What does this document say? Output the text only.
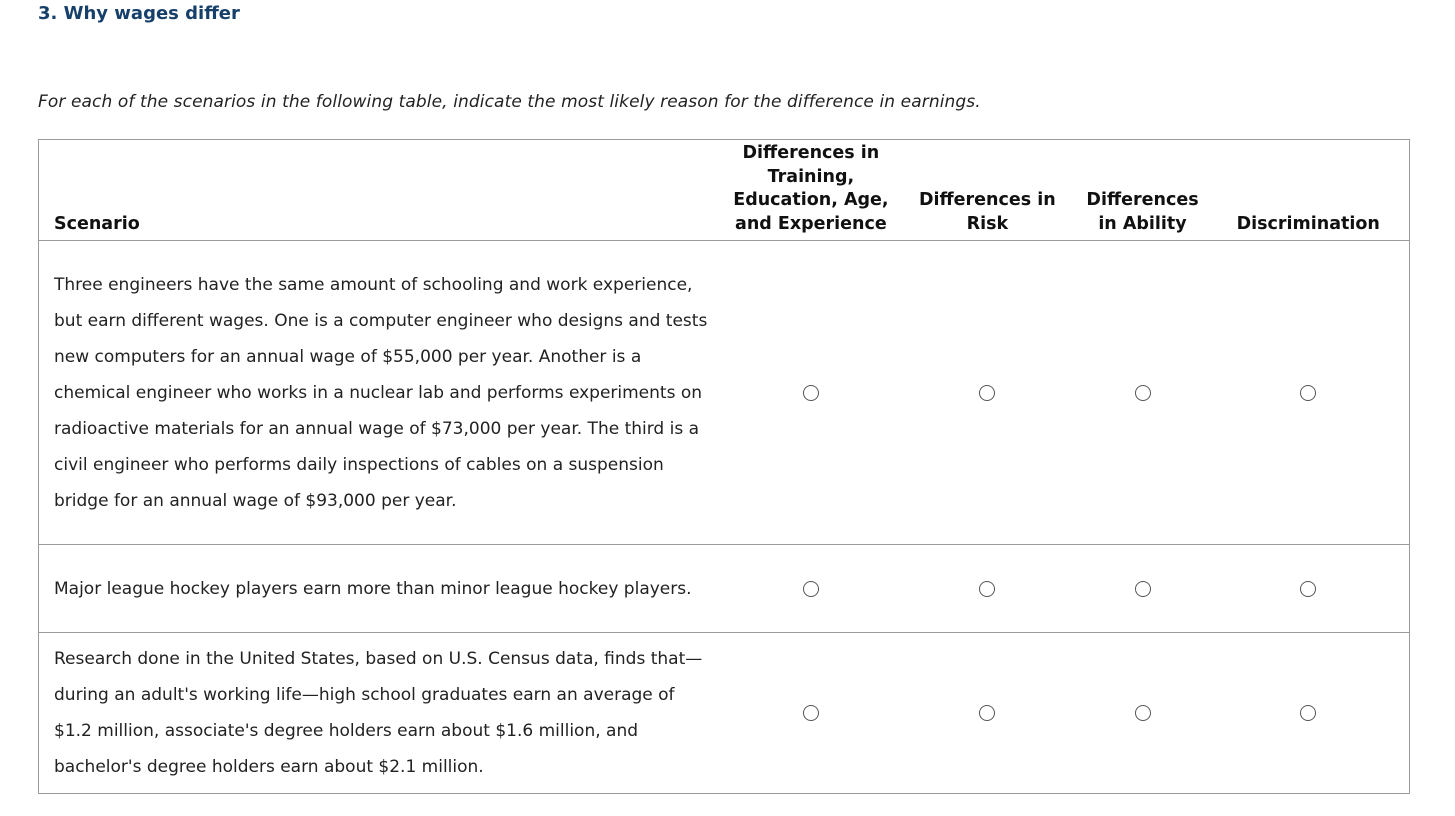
3. Why wages differ

For each of the scenarios in the following table, indicate the most likely reason for the difference in earnings.

Scenario	Differences in Training, Education, Age, and Experience	Differences in Risk	Differences in Ability	Discrimination
Three engineers have the same amount of schooling and work experience, but earn different wages. One is a computer engineer who designs and tests new computers for an annual wage of $55,000 per year. Another is a chemical engineer who works in a nuclear lab and performs experiments on radioactive materials for an annual wage of $73,000 per year. The third is a civil engineer who performs daily inspections of cables on a suspension bridge for an annual wage of $93,000 per year.				
Major league hockey players earn more than minor league hockey players.				
Research done in the United States, based on U.S. Census data, finds that—during an adult's working life—high school graduates earn an average of $1.2 million, associate's degree holders earn about $1.6 million, and bachelor's degree holders earn about $2.1 million.				
